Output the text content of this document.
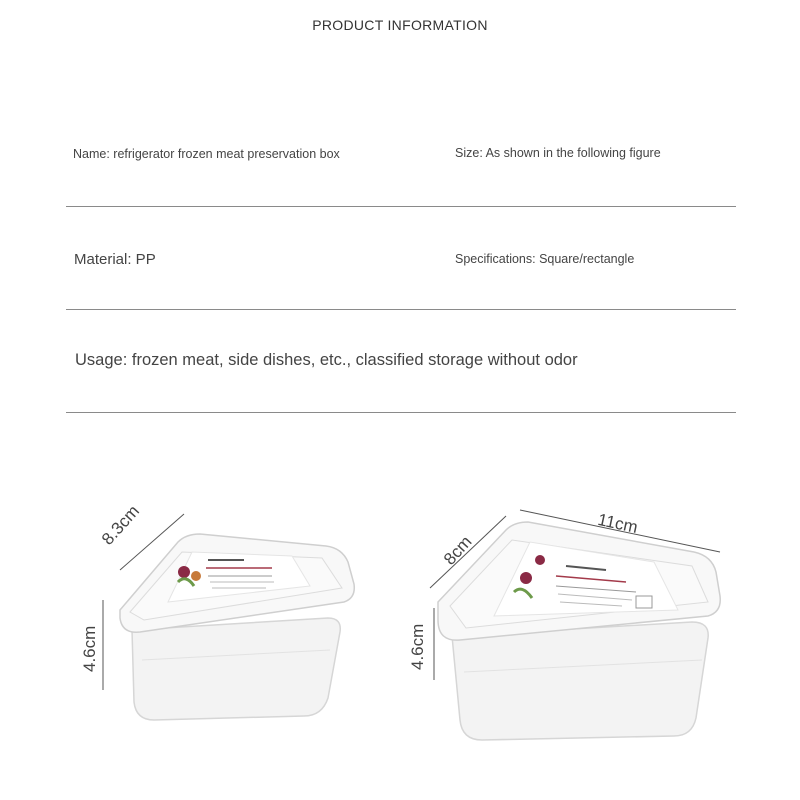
PRODUCT INFORMATION
Name: refrigerator frozen meat preservation box	Size: As shown in the following figure
Material: PP	Specifications: Square/rectangle
Usage: frozen meat, side dishes, etc., classified storage without odor
8.3cm
4.6cm
11cm
8cm
4.6cm
